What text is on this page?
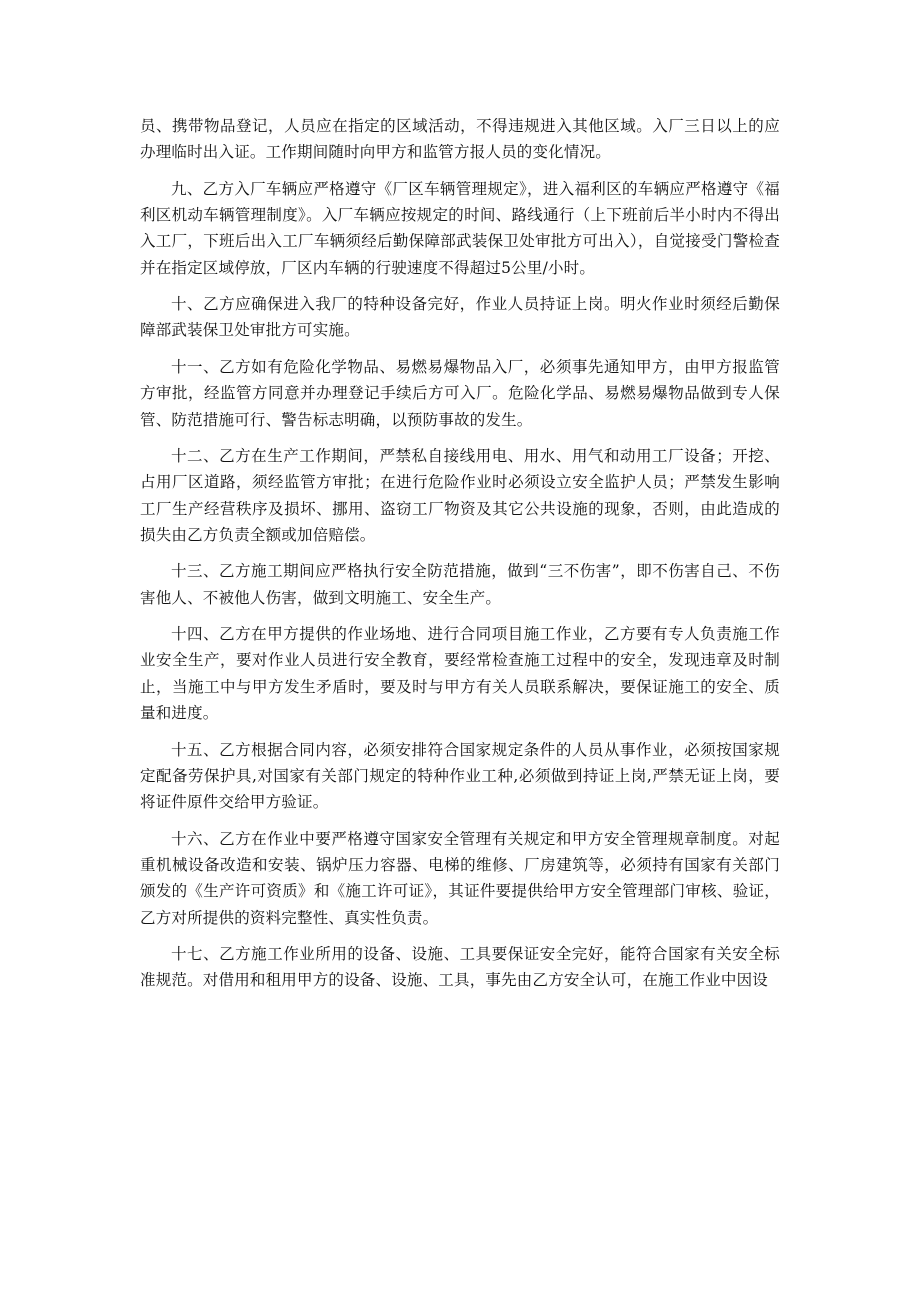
员、携带物品登记，人员应在指定的区域活动，不得违规进入其他区域。入厂三日以上的应办理临时出入证。工作期间随时向甲方和监管方报人员的变化情况。

九、乙方入厂车辆应严格遵守《厂区车辆管理规定》，进入福利区的车辆应严格遵守《福利区机动车辆管理制度》。入厂车辆应按规定的时间、路线通行（上下班前后半小时内不得出入工厂，下班后出入工厂车辆须经后勤保障部武装保卫处审批方可出入），自觉接受门警检查并在指定区域停放，厂区内车辆的行驶速度不得超过5公里/小时。

十、乙方应确保进入我厂的特种设备完好，作业人员持证上岗。明火作业时须经后勤保障部武装保卫处审批方可实施。

十一、乙方如有危险化学物品、易燃易爆物品入厂，必须事先通知甲方，由甲方报监管方审批，经监管方同意并办理登记手续后方可入厂。危险化学品、易燃易爆物品做到专人保管、防范措施可行、警告标志明确，以预防事故的发生。

十二、乙方在生产工作期间，严禁私自接线用电、用水、用气和动用工厂设备；开挖、占用厂区道路，须经监管方审批；在进行危险作业时必须设立安全监护人员；严禁发生影响工厂生产经营秩序及损坏、挪用、盗窃工厂物资及其它公共设施的现象，否则，由此造成的损失由乙方负责全额或加倍赔偿。

十三、乙方施工期间应严格执行安全防范措施，做到“三不伤害”，即不伤害自己、不伤害他人、不被他人伤害，做到文明施工、安全生产。

十四、乙方在甲方提供的作业场地、进行合同项目施工作业，乙方要有专人负责施工作业安全生产，要对作业人员进行安全教育，要经常检查施工过程中的安全，发现违章及时制止，当施工中与甲方发生矛盾时，要及时与甲方有关人员联系解决，要保证施工的安全、质量和进度。

十五、乙方根据合同内容，必须安排符合国家规定条件的人员从事作业，必须按国家规定配备劳保护具,对国家有关部门规定的特种作业工种,必须做到持证上岗,严禁无证上岗，要将证件原件交给甲方验证。

十六、乙方在作业中要严格遵守国家安全管理有关规定和甲方安全管理规章制度。对起重机械设备改造和安装、锅炉压力容器、电梯的维修、厂房建筑等，必须持有国家有关部门颁发的《生产许可资质》和《施工许可证》，其证件要提供给甲方安全管理部门审核、验证，乙方对所提供的资料完整性、真实性负责。

十七、乙方施工作业所用的设备、设施、工具要保证安全完好，能符合国家有关安全标准规范。对借用和租用甲方的设备、设施、工具，事先由乙方安全认可，在施工作业中因设
